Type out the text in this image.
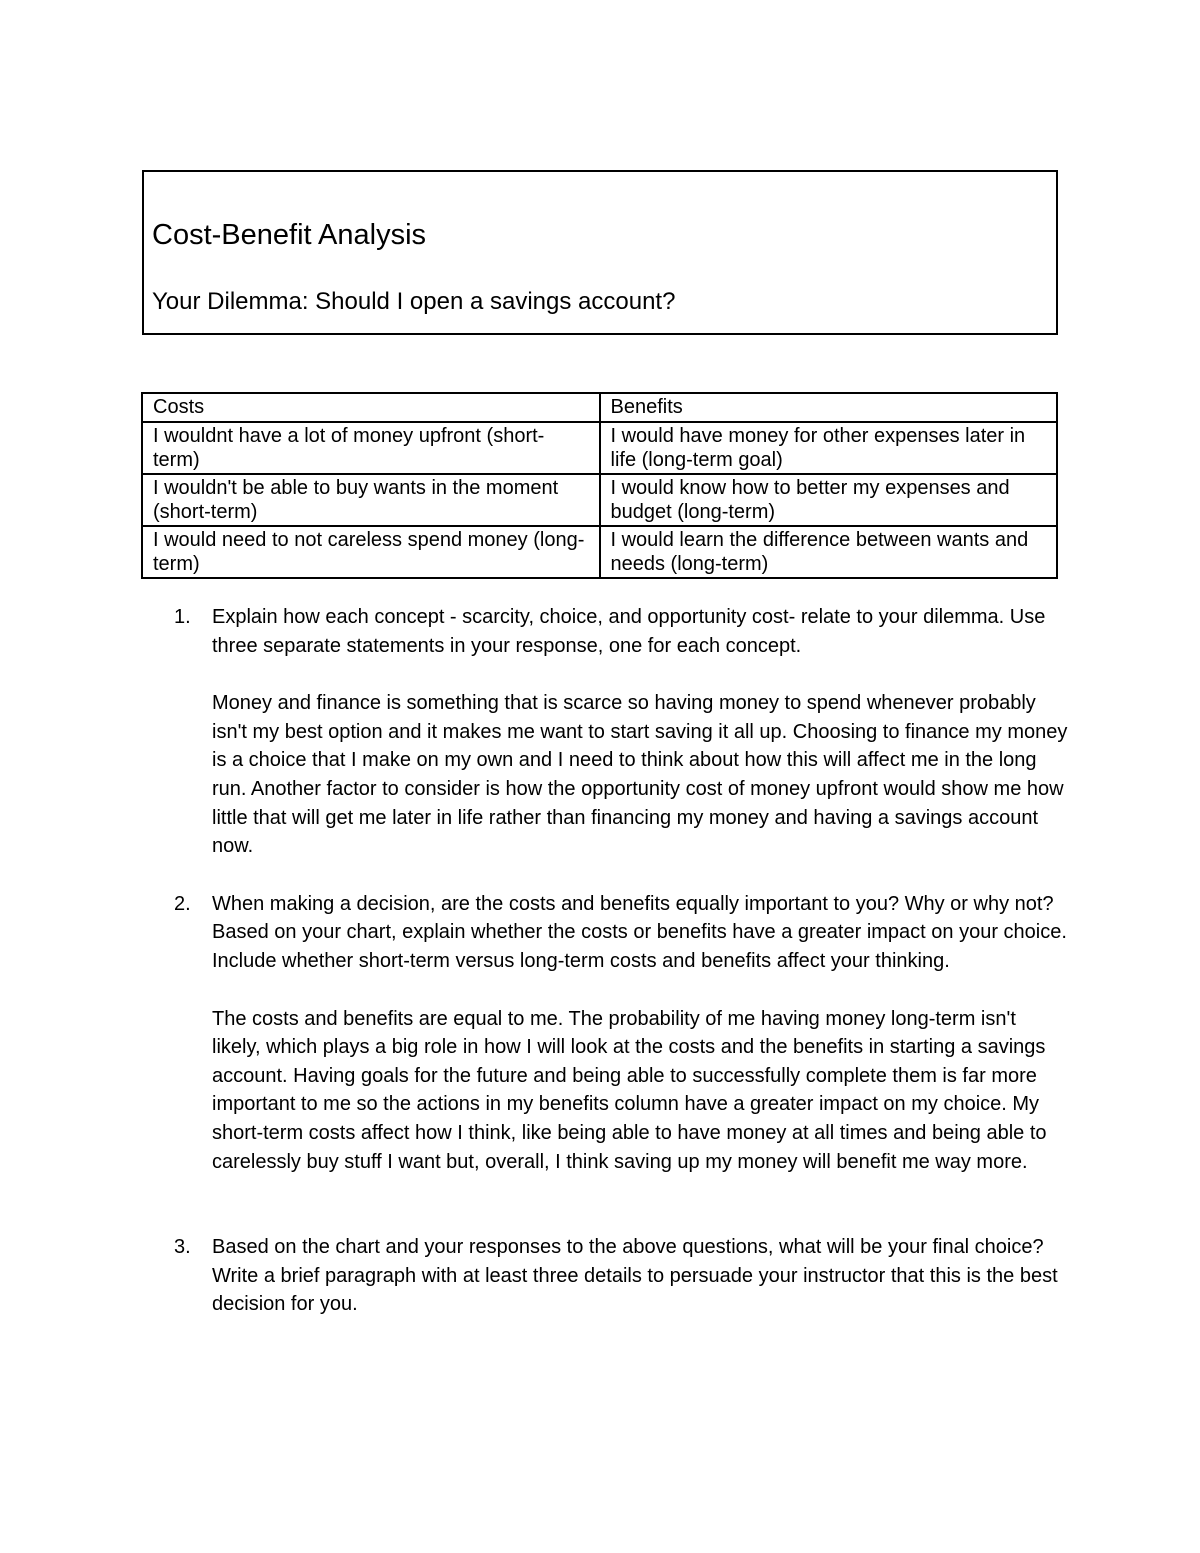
Cost-Benefit Analysis
Your Dilemma: Should I open a savings account?
Costs	Benefits
I wouldnt have a lot of money upfront (short-term)	I would have money for other expenses later in life (long-term goal)
I wouldn't be able to buy wants in the moment (short-term)	I would know how to better my expenses and budget (long-term)
I would need to not careless spend money (long-term)	I would learn the difference between wants and needs (long-term)
1. Explain how each concept - scarcity, choice, and opportunity cost- relate to your dilemma. Use three separate statements in your response, one for each concept.

Money and finance is something that is scarce so having money to spend whenever probably isn't my best option and it makes me want to start saving it all up. Choosing to finance my money is a choice that I make on my own and I need to think about how this will affect me in the long run. Another factor to consider is how the opportunity cost of money upfront would show me how little that will get me later in life rather than financing my money and having a savings account now.

2. When making a decision, are the costs and benefits equally important to you? Why or why not? Based on your chart, explain whether the costs or benefits have a greater impact on your choice. Include whether short-term versus long-term costs and benefits affect your thinking.

The costs and benefits are equal to me. The probability of me having money long-term isn't likely, which plays a big role in how I will look at the costs and the benefits in starting a savings account. Having goals for the future and being able to successfully complete them is far more important to me so the actions in my benefits column have a greater impact on my choice. My short-term costs affect how I think, like being able to have money at all times and being able to carelessly buy stuff I want but, overall, I think saving up my money will benefit me way more.

3. Based on the chart and your responses to the above questions, what will be your final choice? Write a brief paragraph with at least three details to persuade your instructor that this is the best decision for you.
